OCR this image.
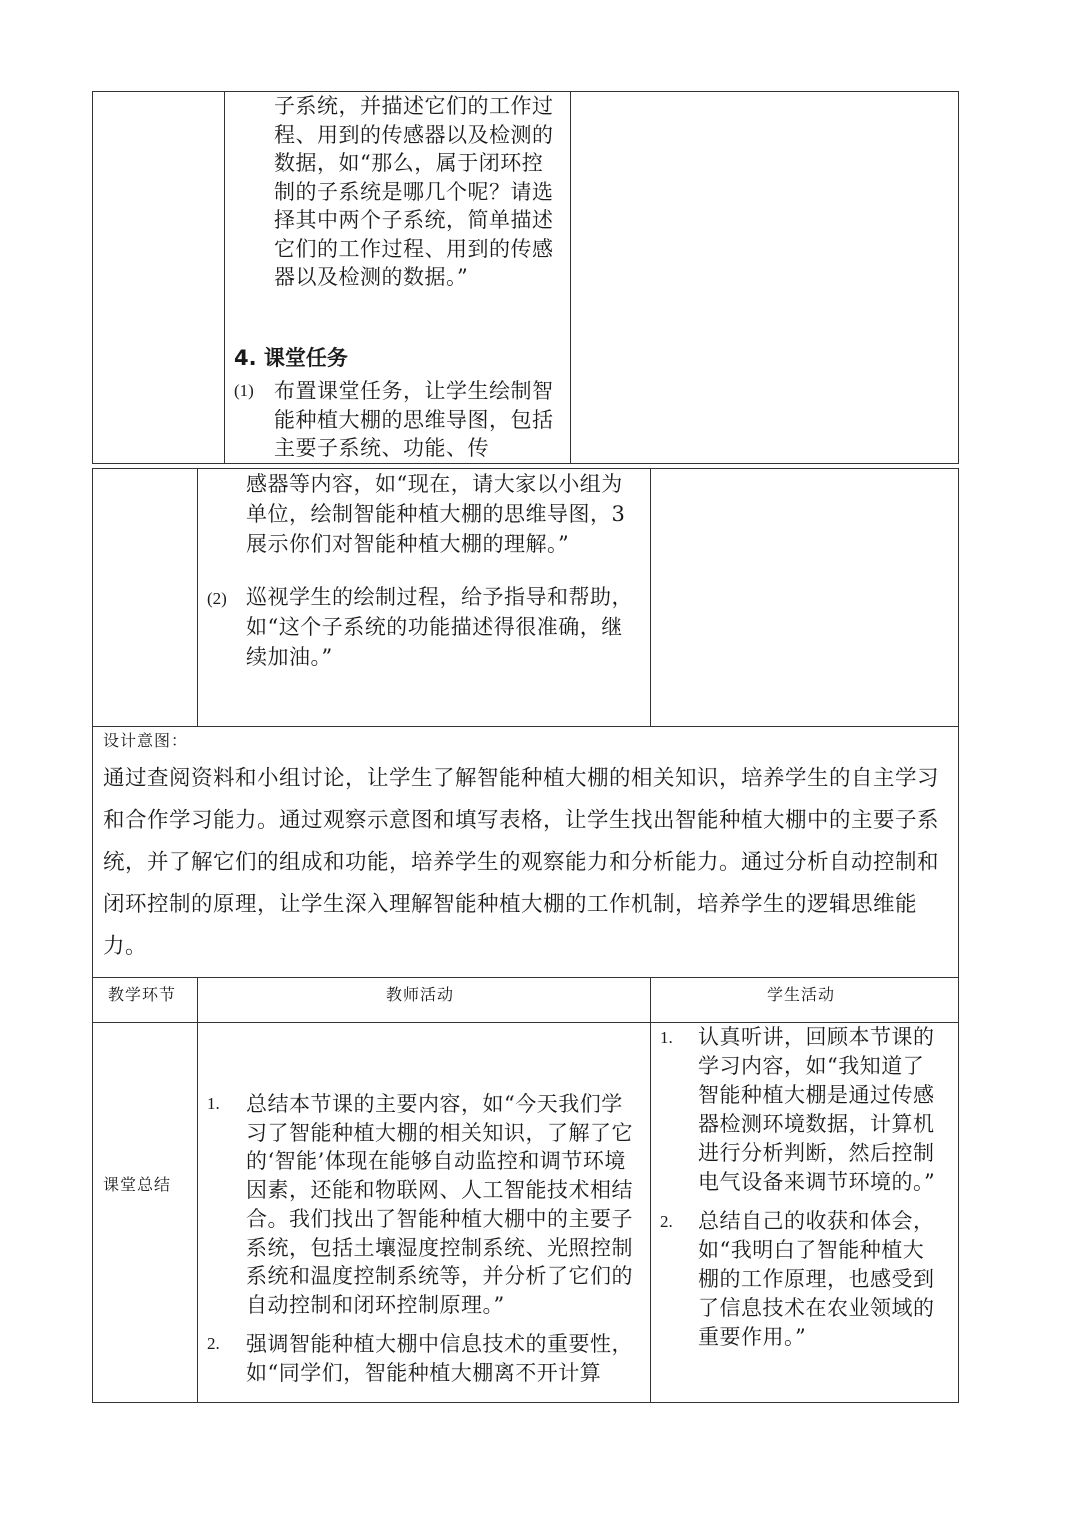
子系统，并描述它们的工作过
程、用到的传感器以及检测的
数据，如“那么，属于闭环控
制的子系统是哪几个呢？请选
择其中两个子系统，简单描述
它们的工作过程、用到的传感
器以及检测的数据。”
4. 课堂任务
(1) 布置课堂任务，让学生绘制智
能种植大棚的思维导图，包括
主要子系统、功能、传
感器等内容，如“现在，请大家以小组为
单位，绘制智能种植大棚的思维导图，3
展示你们对智能种植大棚的理解。”
(2) 巡视学生的绘制过程，给予指导和帮助，
如“这个子系统的功能描述得很准确，继
续加油。”
设计意图：
通过查阅资料和小组讨论，让学生了解智能种植大棚的相关知识，培养学生的自主学习
和合作学习能力。通过观察示意图和填写表格，让学生找出智能种植大棚中的主要子系
统，并了解它们的组成和功能，培养学生的观察能力和分析能力。通过分析自动控制和
闭环控制的原理，让学生深入理解智能种植大棚的工作机制，培养学生的逻辑思维能
力。
教学环节	教师活动	学生活动
课堂总结
1. 总结本节课的主要内容，如“今天我们学
习了智能种植大棚的相关知识，了解了它
的‘智能’体现在能够自动监控和调节环境
因素，还能和物联网、人工智能技术相结
合。我们找出了智能种植大棚中的主要子
系统，包括土壤湿度控制系统、光照控制
系统和温度控制系统等，并分析了它们的
自动控制和闭环控制原理。”
2. 强调智能种植大棚中信息技术的重要性，
如“同学们，智能种植大棚离不开计算
1. 认真听讲，回顾本节课的
学习内容，如“我知道了
智能种植大棚是通过传感
器检测环境数据，计算机
进行分析判断，然后控制
电气设备来调节环境的。”
2. 总结自己的收获和体会，
如“我明白了智能种植大
棚的工作原理，也感受到
了信息技术在农业领域的
重要作用。”
